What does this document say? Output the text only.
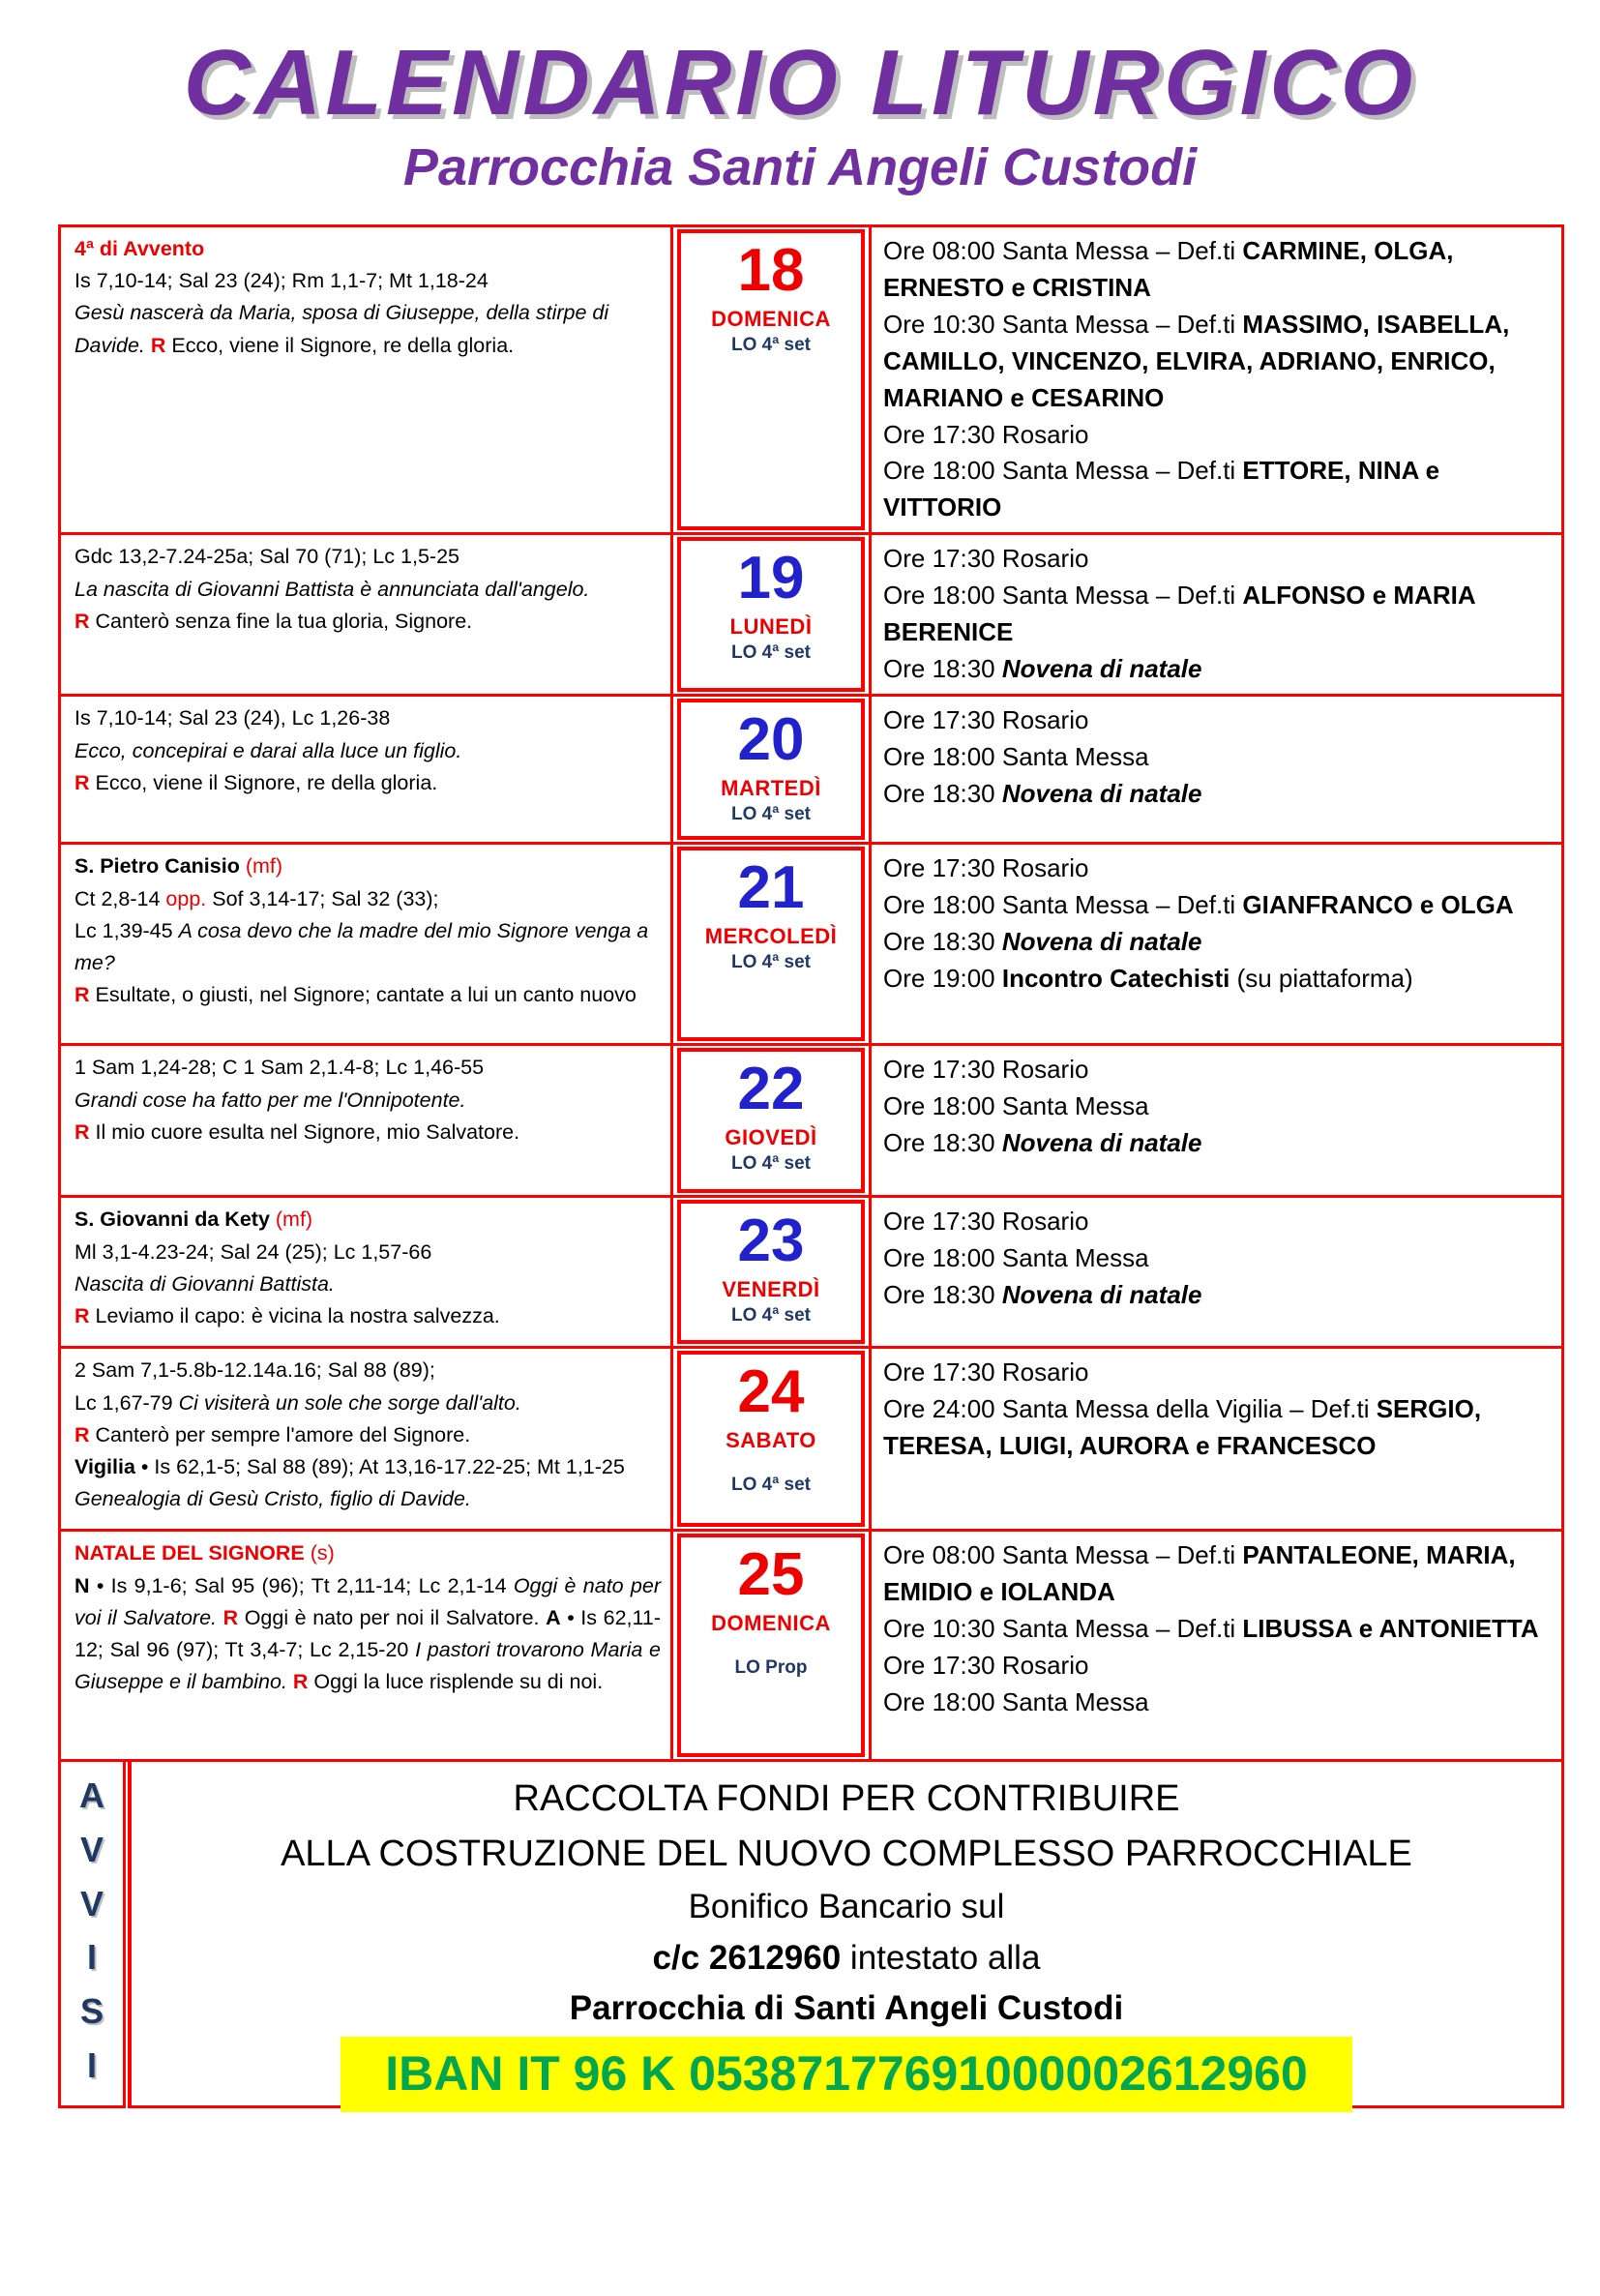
CALENDARIO LITURGICO
Parrocchia Santi Angeli Custodi
4ª di Avvento
Is 7,10-14; Sal 23 (24); Rm 1,1-7; Mt 1,18-24
Gesù nascerà da Maria, sposa di Giuseppe, della stirpe di Davide. R Ecco, viene il Signore, re della gloria.
18
DOMENICA
LO 4ª set
Ore 08:00 Santa Messa – Def.ti CARMINE, OLGA, ERNESTO e CRISTINA
Ore 10:30 Santa Messa – Def.ti MASSIMO, ISABELLA, CAMILLO, VINCENZO, ELVIRA, ADRIANO, ENRICO, MARIANO e CESARINO
Ore 17:30 Rosario
Ore 18:00 Santa Messa – Def.ti ETTORE, NINA e VITTORIO
Gdc 13,2-7.24-25a; Sal 70 (71); Lc 1,5-25
La nascita di Giovanni Battista è annunciata dall'angelo.
R Canterò senza fine la tua gloria, Signore.
19
LUNEDÌ
LO 4ª set
Ore 17:30 Rosario
Ore 18:00 Santa Messa – Def.ti ALFONSO e MARIA BERENICE
Ore 18:30 Novena di natale
Is 7,10-14; Sal 23 (24), Lc 1,26-38
Ecco, concepirai e darai alla luce un figlio.
R Ecco, viene il Signore, re della gloria.
20
MARTEDÌ
LO 4ª set
Ore 17:30 Rosario
Ore 18:00 Santa Messa
Ore 18:30 Novena di natale
S. Pietro Canisio (mf)
Ct 2,8-14 opp. Sof 3,14-17; Sal 32 (33);
Lc 1,39-45 A cosa devo che la madre del mio Signore venga a me?
R Esultate, o giusti, nel Signore; cantate a lui un canto nuovo
21
MERCOLEDÌ
LO 4ª set
Ore 17:30 Rosario
Ore 18:00 Santa Messa – Def.ti GIANFRANCO e OLGA
Ore 18:30 Novena di natale
Ore 19:00 Incontro Catechisti (su piattaforma)
1 Sam 1,24-28; C 1 Sam 2,1.4-8; Lc 1,46-55
Grandi cose ha fatto per me l'Onnipotente.
R Il mio cuore esulta nel Signore, mio Salvatore.
22
GIOVEDÌ
LO 4ª set
Ore 17:30 Rosario
Ore 18:00 Santa Messa
Ore 18:30 Novena di natale
S. Giovanni da Kety (mf)
Ml 3,1-4.23-24; Sal 24 (25); Lc 1,57-66
Nascita di Giovanni Battista.
R Leviamo il capo: è vicina la nostra salvezza.
23
VENERDÌ
LO 4ª set
Ore 17:30 Rosario
Ore 18:00 Santa Messa
Ore 18:30 Novena di natale
2 Sam 7,1-5.8b-12.14a.16; Sal 88 (89);
Lc 1,67-79 Ci visiterà un sole che sorge dall'alto.
R Canterò per sempre l'amore del Signore.
Vigilia • Is 62,1-5; Sal 88 (89); At 13,16-17.22-25; Mt 1,1-25 Genealogia di Gesù Cristo, figlio di Davide.
24
SABATO
LO 4ª set
Ore 17:30 Rosario
Ore 24:00 Santa Messa della Vigilia – Def.ti SERGIO, TERESA, LUIGI, AURORA e FRANCESCO
NATALE DEL SIGNORE (s)
N • Is 9,1-6; Sal 95 (96); Tt 2,11-14; Lc 2,1-14 Oggi è nato per voi il Salvatore. R Oggi è nato per noi il Salvatore. A • Is 62,11-12; Sal 96 (97); Tt 3,4-7; Lc 2,15-20 I pastori trovarono Maria e Giuseppe e il bambino. R Oggi la luce risplende su di noi.
25
DOMENICA
LO Prop
Ore 08:00 Santa Messa – Def.ti PANTALEONE, MARIA, EMIDIO e IOLANDA
Ore 10:30 Santa Messa – Def.ti LIBUSSA e ANTONIETTA
Ore 17:30 Rosario
Ore 18:00 Santa Messa
A
V
V
I
S
I
RACCOLTA FONDI PER CONTRIBUIRE
ALLA COSTRUZIONE DEL NUOVO COMPLESSO PARROCCHIALE
Bonifico Bancario sul
c/c 2612960 intestato alla
Parrocchia di Santi Angeli Custodi
IBAN IT 96 K 05387177691000002612960
